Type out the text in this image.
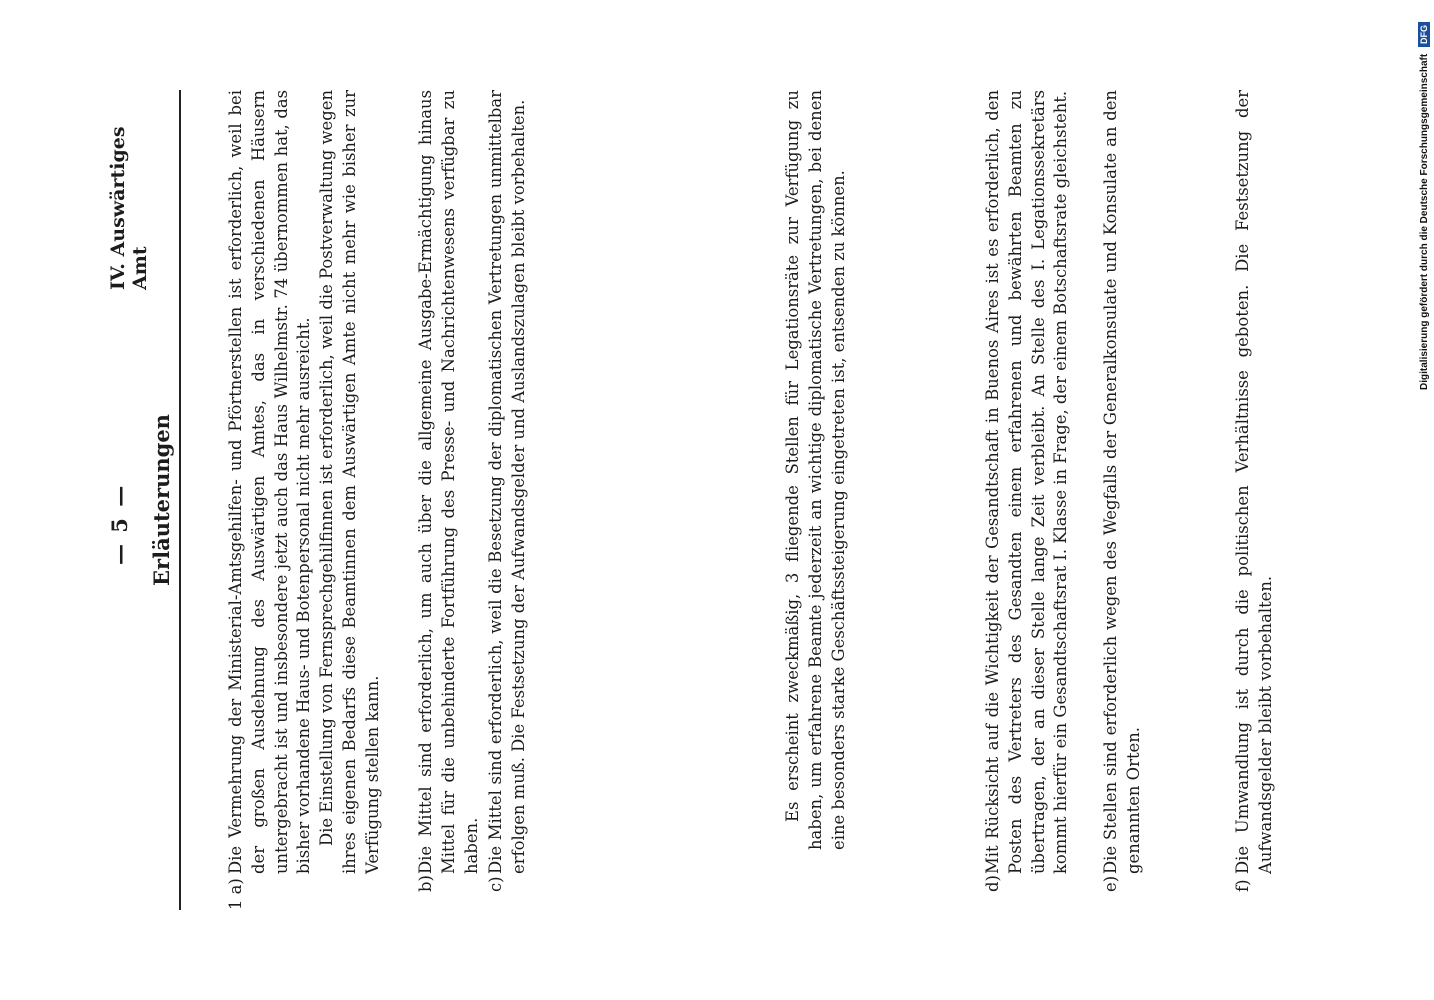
— 5 —
IV. Auswärtiges Amt
Erläuterungen
1 a)
Die Vermehrung der Ministerial-Amtsgehilfen- und Pförtnerstellen ist erforderlich, weil bei der großen Ausdehnung des Auswärtigen Amtes, das in verschiedenen Häusern untergebracht ist und insbesondere jetzt auch das Haus Wilhelmstr. 74 übernommen hat, das bisher vorhandene Haus- und Botenpersonal nicht mehr ausreicht. Die Einstellung von Fernsprechgehilfinnen ist erforderlich, weil die Postverwaltung wegen ihres eigenen Bedarfs diese Beamtinnen dem Auswärtigen Amte nicht mehr wie bisher zur Verfügung stellen kann.
b)
Die Mittel sind erforderlich, um auch über die allgemeine Ausgabe-Ermächtigung hinaus Mittel für die unbehinderte Fortführung des Presse- und Nachrichtenwesens verfügbar zu haben.
c)
Die Mittel sind erforderlich, weil die Besetzung der diplomatischen Vertretungen unmittelbar erfolgen muß. Die Festsetzung der Aufwandsgelder und Auslandszulagen bleibt vorbehalten.	Es erscheint zweckmäßig, 3 fliegende Stellen für Legationsräte zur Verfügung zu haben, um erfahrene Beamte jederzeit an wichtige diplomatische Vertretungen, bei denen eine besonders starke Geschäftssteigerung eingetreten ist, entsenden zu können.
d)
Mit Rücksicht auf die Wichtigkeit der Gesandtschaft in Buenos Aires ist es erforderlich, den Posten des Vertreters des Gesandten einem erfahrenen und bewährten Beamten zu übertragen, der an dieser Stelle lange Zeit verbleibt. An Stelle des I. Legationssekretärs kommt hierfür ein Gesandtschaftsrat I. Klasse in Frage, der einem Botschaftsrate gleichsteht.
e)
Die Stellen sind erforderlich wegen des Wegfalls der Generalkonsulate und Konsulate an den genannten Orten.
f)
Die Umwandlung ist durch die politischen Verhältnisse geboten. Die Festsetzung der Aufwandsgelder bleibt vorbehalten.
Digitalisierung gefördert durch die Deutsche Forschungsgemeinschaft DFG
